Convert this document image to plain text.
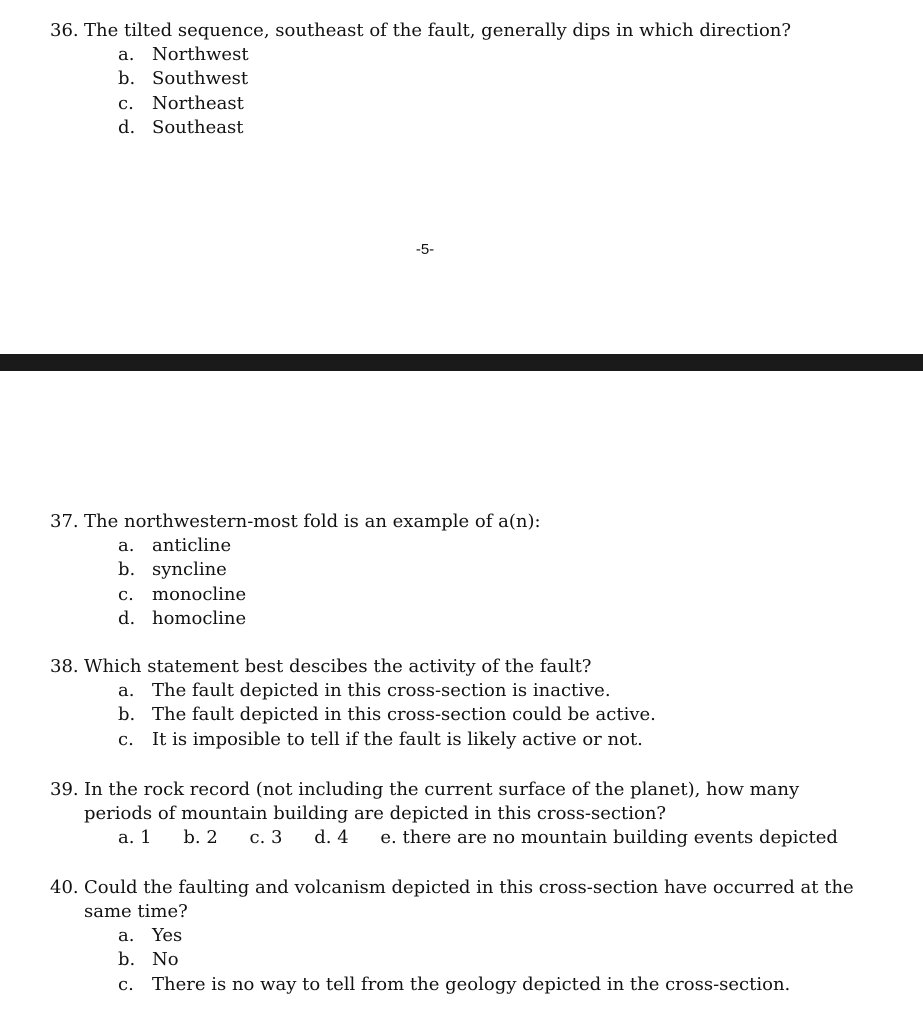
36. The tilted sequence, southeast of the fault, generally dips in which direction?
a. Northwest
b. Southwest
c. Northeast
d. Southeast
-5-
37. The northwestern-most fold is an example of a(n):
a. anticline
b. syncline
c. monocline
d. homocline
38. Which statement best descibes the activity of the fault?
a. The fault depicted in this cross-section is inactive.
b. The fault depicted in this cross-section could be active.
c. It is imposible to tell if the fault is likely active or not.
39. In the rock record (not including the current surface of the planet), how many
periods of mountain building are depicted in this cross-section?
a. 1 b. 2 c. 3 d. 4 e. there are no mountain building events depicted
40. Could the faulting and volcanism depicted in this cross-section have occurred at the
same time?
a. Yes
b. No
c. There is no way to tell from the geology depicted in the cross-section.
